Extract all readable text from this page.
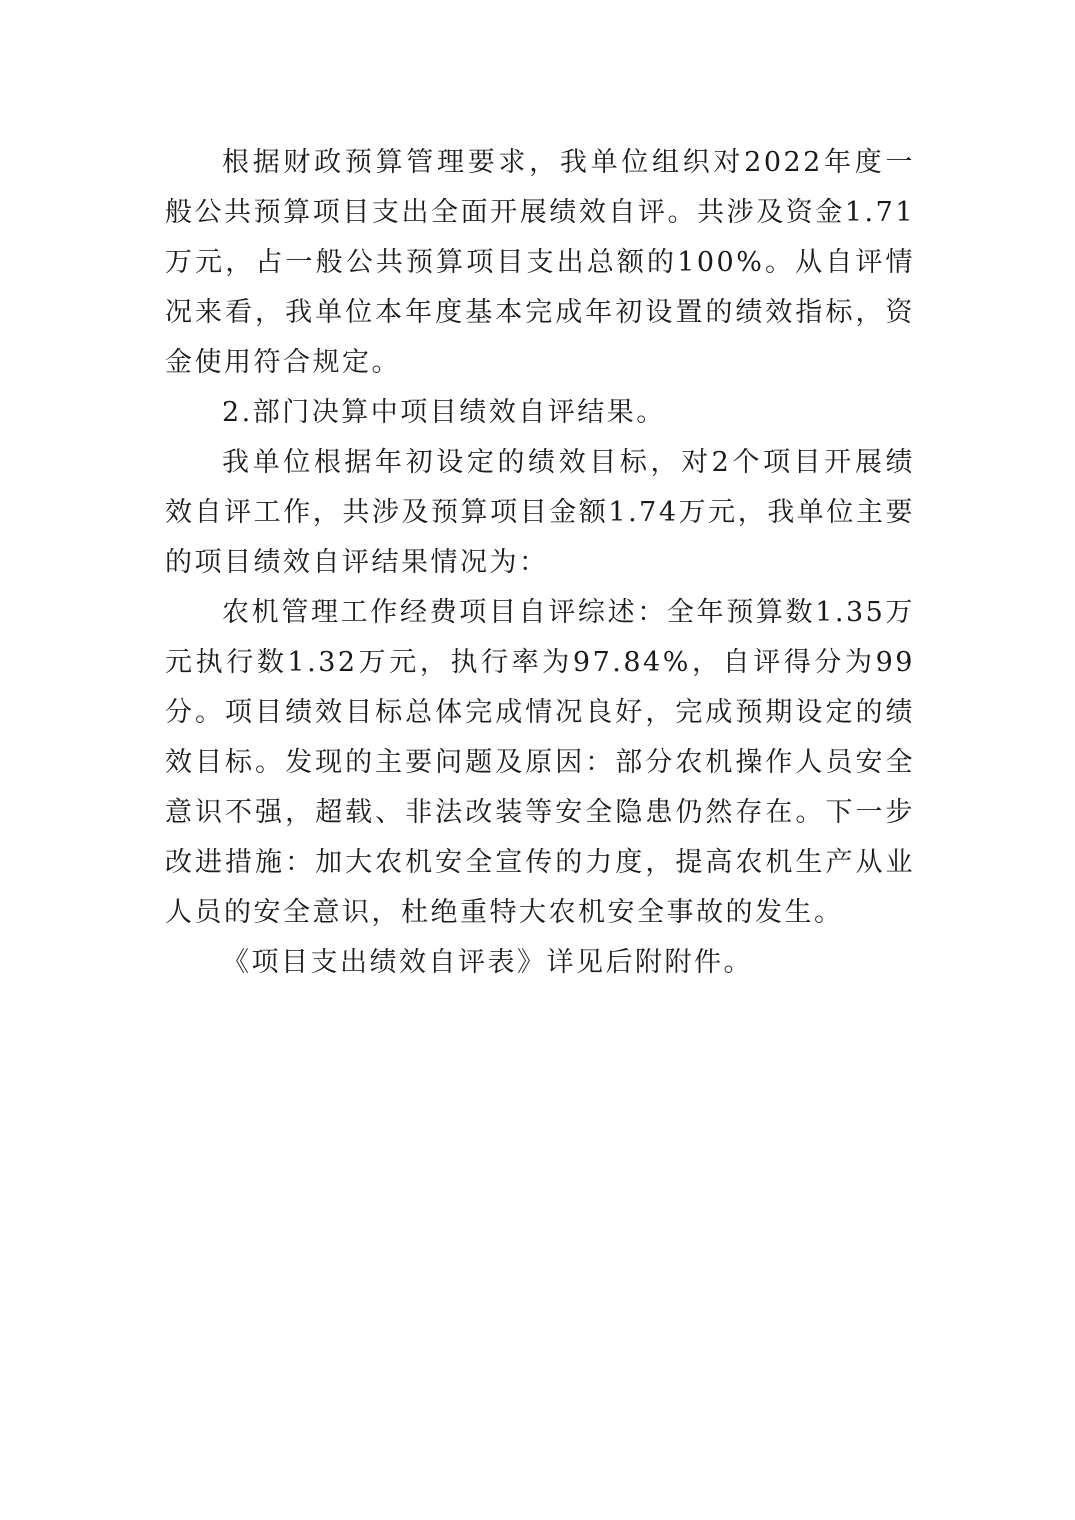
根据财政预算管理要求，我单位组织对2022年度一般公共预算项目支出全面开展绩效自评。共涉及资金1.71万元，占一般公共预算项目支出总额的100%。从自评情况来看，我单位本年度基本完成年初设置的绩效指标，资金使用符合规定。

2.部门决算中项目绩效自评结果。

我单位根据年初设定的绩效目标，对2个项目开展绩效自评工作，共涉及预算项目金额1.74万元，我单位主要的项目绩效自评结果情况为：

农机管理工作经费项目自评综述：全年预算数1.35万元执行数1.32万元，执行率为97.84%，自评得分为99分。项目绩效目标总体完成情况良好，完成预期设定的绩效目标。发现的主要问题及原因：部分农机操作人员安全意识不强，超载、非法改装等安全隐患仍然存在。下一步改进措施：加大农机安全宣传的力度，提高农机生产从业人员的安全意识，杜绝重特大农机安全事故的发生。

《项目支出绩效自评表》详见后附附件。
